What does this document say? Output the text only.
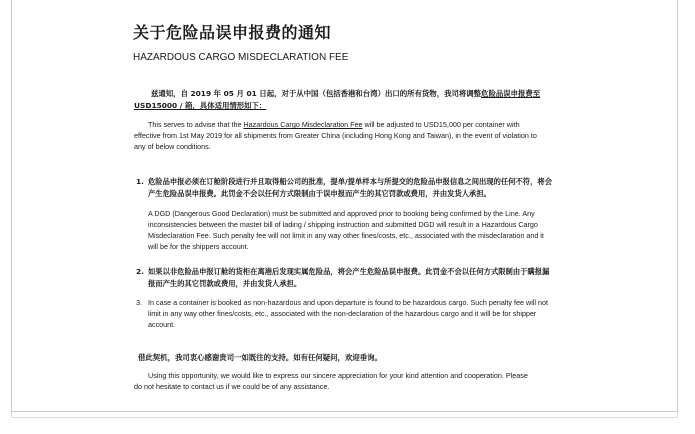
关于危险品误申报费的通知
HAZARDOUS CARGO MISDECLARATION FEE
兹通知，自 2019 年 05 月 01 日起，对于从中国（包括香港和台湾）出口的所有货物，我司将调整危险品误申报费至 USD15000 / 箱，具体适用情形如下：
This serves to advise that the Hazardous Cargo Misdeclaration Fee will be adjusted to USD15,000 per container with effective from 1st May 2019 for all shipments from Greater China (including Hong Kong and Taiwan), in the event of violation to any of below conditions.
1. 危险品申报必须在订舱阶段进行并且取得船公司的批准，提单/提单样本与所提交的危险品申报信息之间出现的任何不符，将会产生危险品误申报费。此罚金不会以任何方式限制由于误申报而产生的其它罚款或费用，并由发货人承担。
A DGD (Dangerous Good Declaration) must be submitted and approved prior to booking being confirmed by the Line. Any inconsistencies between the master bill of lading / shipping instruction and submitted DGD will result in a Hazardous Cargo Misdeclaration Fee. Such penalty fee will not limit in any way other fines/costs, etc., associated with the misdeclaration and it will be for the shippers account.
2. 如果以非危险品申报订舱的货柜在离港后发现实属危险品，将会产生危险品误申报费。此罚金不会以任何方式限制由于瞒报漏报而产生的其它罚款或费用，并由发货人承担。
3. In case a container is booked as non-hazardous and upon departure is found to be hazardous cargo. Such penalty fee will not limit in any way other fines/costs, etc., associated with the non-declaration of the hazardous cargo and it will be for shipper account.
借此契机，我司衷心感谢贵司一如既往的支持。如有任何疑问，欢迎垂询。
Using this opportunity, we would like to express our sincere appreciation for your kind attention and cooperation. Please do not hesitate to contact us if we could be of any assistance.
